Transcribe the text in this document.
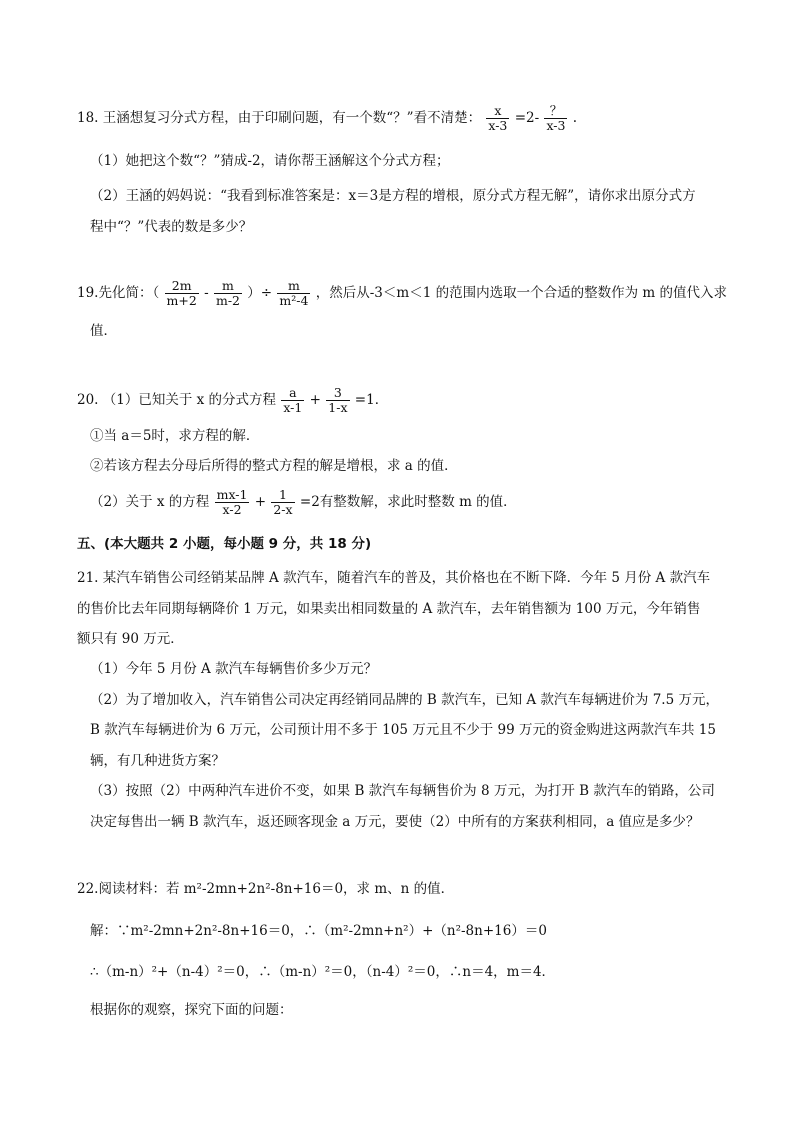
18. 王涵想复习分式方程，由于印刷问题，有一个数“？”看不清楚： $\frac{x}{x-3} =2- \frac{?}{x-3}$ .
（1）她把这个数“？”猜成-2，请你帮王涵解这个分式方程；
（2）王涵的妈妈说：“我看到标准答案是：x＝3是方程的增根，原分式方程无解”，请你求出原分式方
程中“？”代表的数是多少？
19.先化简：（ $\frac{2m}{m+2} - \frac{m}{m-2}$ ）÷ $\frac{m}{\text{m²-4}}$ ，然后从-3＜m＜1 的范围内选取一个合适的整数作为 m 的值代入求
值．
20. （1）已知关于 x 的分式方程 $\frac{a}{x-1} + \frac{3}{1-x} =1$．
①当 a＝5时，求方程的解．
②若该方程去分母后所得的整式方程的解是增根，求 a 的值．
（2）关于 x 的方程 $\frac{mx-1}{x-2} + \frac{1}{2-x} =2$有整数解，求此时整数 m 的值．
五、(本大题共 2 小题，每小题 9 分，共 18 分)
21. 某汽车销售公司经销某品牌 A 款汽车，随着汽车的普及，其价格也在不断下降．今年 5 月份 A 款汽车
的售价比去年同期每辆降价 1 万元，如果卖出相同数量的 A 款汽车，去年销售额为 100 万元，今年销售
额只有 90 万元．
（1）今年 5 月份 A 款汽车每辆售价多少万元？
（2）为了增加收入，汽车销售公司决定再经销同品牌的 B 款汽车，已知 A 款汽车每辆进价为 7.5 万元，
B 款汽车每辆进价为 6 万元，公司预计用不多于 105 万元且不少于 99 万元的资金购进这两款汽车共 15
辆，有几种进货方案？
（3）按照（2）中两种汽车进价不变，如果 B 款汽车每辆售价为 8 万元，为打开 B 款汽车的销路，公司
决定每售出一辆 B 款汽车，返还顾客现金 a 万元，要使（2）中所有的方案获利相同，a 值应是多少？
22.阅读材料：若 m²-2mn+2n²-8n+16＝0，求 m、n 的值．
解：∵m²-2mn+2n²-8n+16＝0，∴（m²-2mn+n²）+（n²-8n+16）＝0
∴（m-n）²+（n-4）²＝0，∴（m-n）²＝0，（n-4）²＝0，∴n＝4，m＝4．
根据你的观察，探究下面的问题：
